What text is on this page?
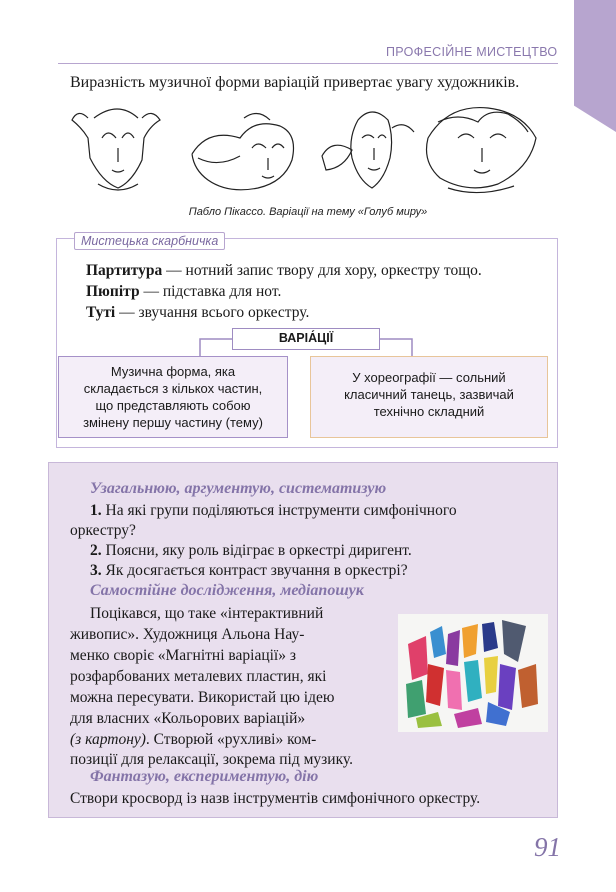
ПРОФЕСІЙНЕ МИСТЕЦТВО
Виразність музичної форми варіацій привертає увагу художників.
Пабло Пікассо. Варіації на тему «Голуб миру»
Мистецька скарбничка
Партитура — нотний запис твору для хору, оркестру тощо.
Пюпітр — підставка для нот.
Туті — звучання всього оркестру.
ВАРІА́ЦІЇ
Музична форма, яка
складається з кількох частин,
що представляють собою
змінену першу частину (тему)
У хореографії — сольний
класичний танець, зазвичай
технічно складний
Узагальнюю, аргументую, систематизую
1. На які групи поділяються інструменти симфонічного
оркестру?
2. Поясни, яку роль відіграє в оркестрі диригент.
3. Як досягається контраст звучання в оркестрі?
Самостійне дослідження, медіапошук
Поцікався, що таке «інтерактивний
живопис». Художниця Альона Нау-
менко своріє «Магнітні варіації» з
розфарбованих металевих пластин, які
можна пересувати. Використай цю ідею
для власних «Кольорових варіацій»
(з картону). Створюй «рухливі» ком-
позиції для релаксації, зокрема під музику.
Фантазую, експериментую, дію
Створи кросворд із назв інструментів симфонічного оркестру.
91
